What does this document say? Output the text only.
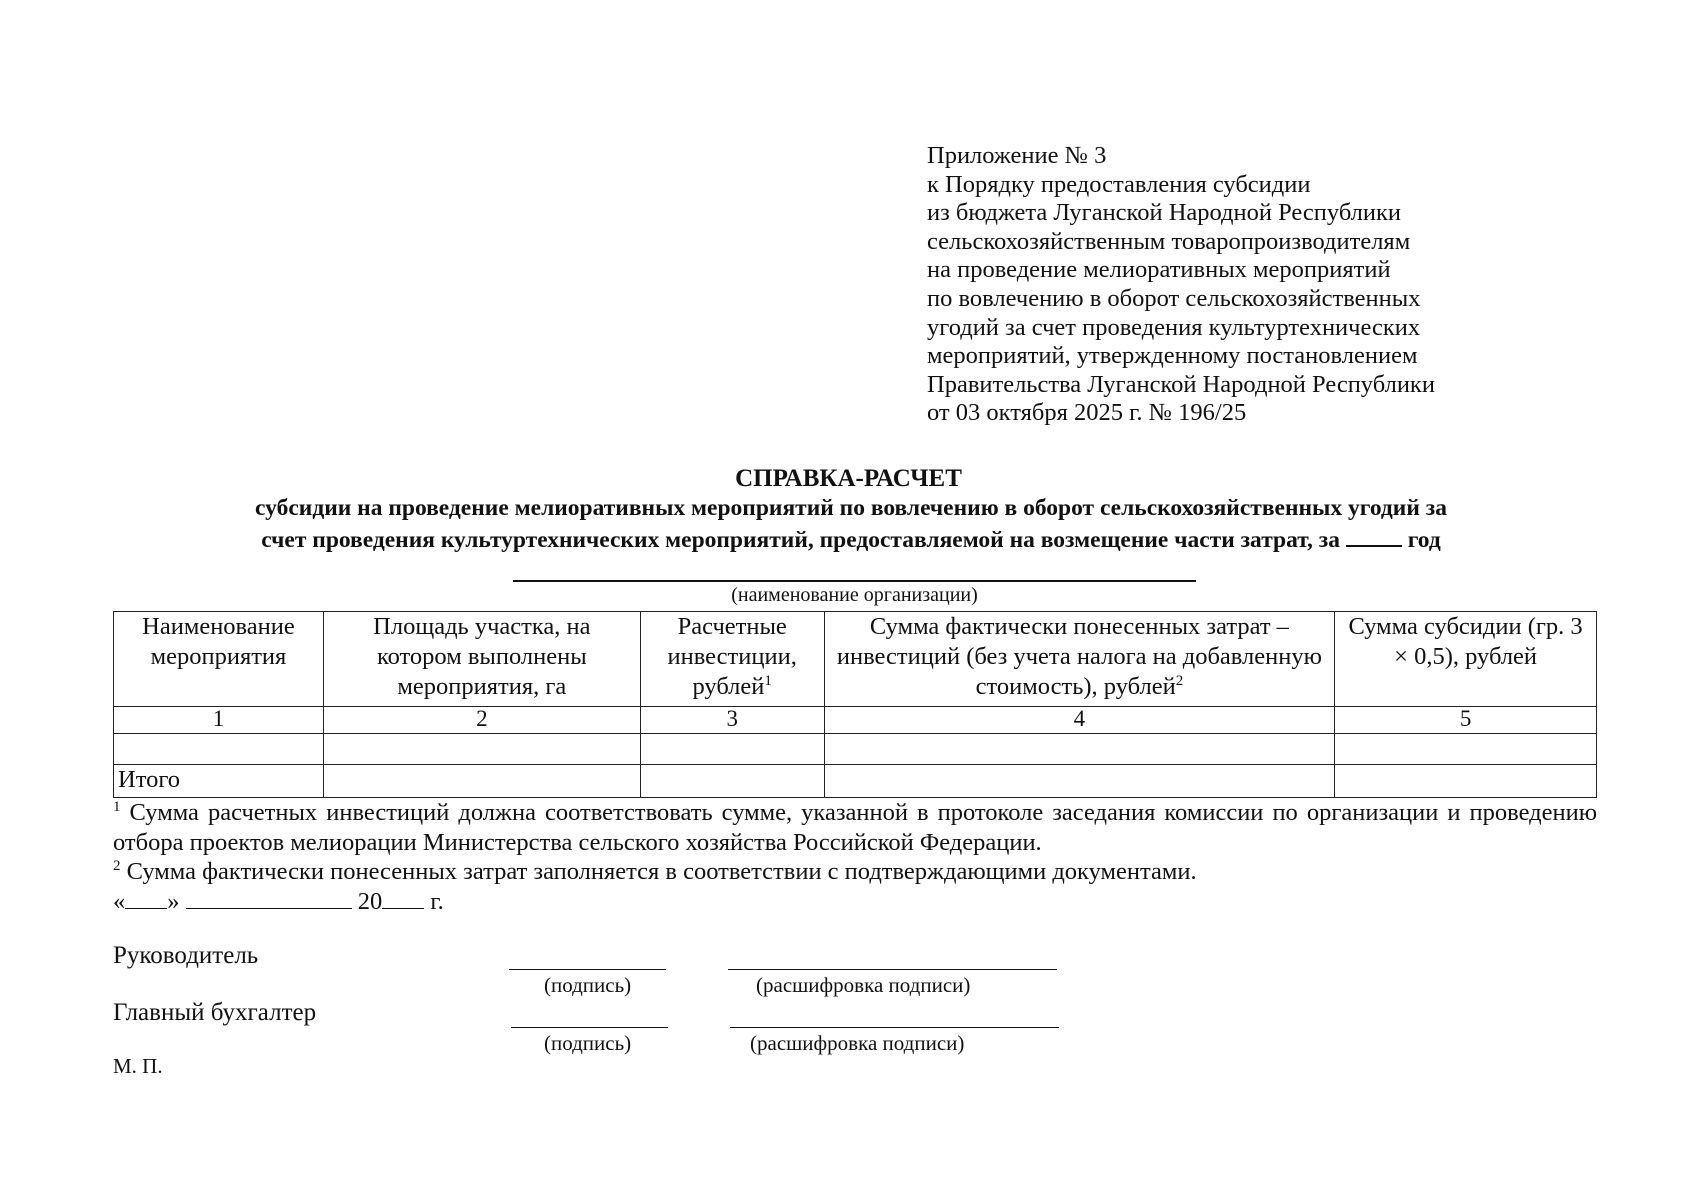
Приложение № 3
к Порядку предоставления субсидии
из бюджета Луганской Народной Республики
сельскохозяйственным товаропроизводителям
на проведение мелиоративных мероприятий
по вовлечению в оборот сельскохозяйственных
угодий за счет проведения культуртехнических
мероприятий, утвержденному постановлением
Правительства Луганской Народной Республики
от 03 октября 2025 г. № 196/25
СПРАВКА-РАСЧЕТ
субсидии на проведение мелиоративных мероприятий по вовлечению в оборот сельскохозяйственных угодий за
счет проведения культуртехнических мероприятий, предоставляемой на возмещение части затрат, за	год
(наименование организации)
Наименование мероприятия	Площадь участка, на котором выполнены мероприятия, га	Расчетные инвестиции, рублей$^1$	Сумма фактически понесенных затрат – инвестиций (без учета налога на добавленную стоимость), рублей$^2$	Сумма субсидии (гр. 3 × 0,5), рублей
1	2	3	4	5

Итого				

$^1$ Сумма расчетных инвестиций должна соответствовать сумме, указанной в протоколе заседания комиссии по организации и проведению отбора проектов мелиорации Министерства сельского хозяйства Российской Федерации.

$^2$ Сумма фактически понесенных затрат заполняется в соответствии с подтверждающими документами.

« »	20 г.
Руководитель
(подпись)	(расшифровка подписи)
Главный бухгалтер
(подпись)	(расшифровка подписи)
М. П.
